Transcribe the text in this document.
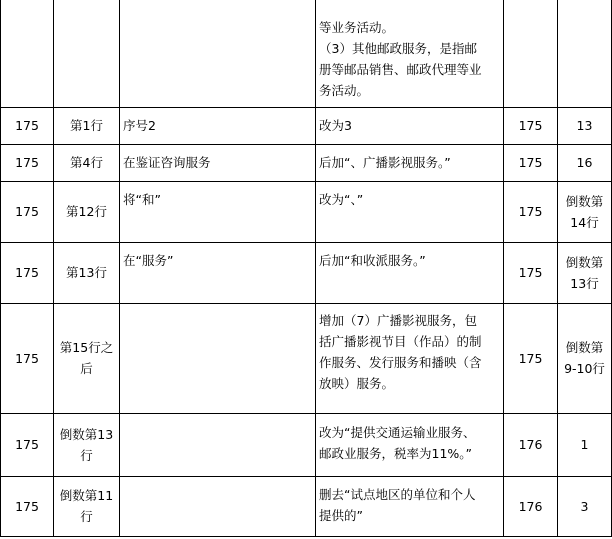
			等业务活动。
（3）其他邮政服务，是指邮
册等邮品销售、邮政代理等业
务活动。		

175	第1行	序号2	改为3	175	13

175	第4行	在鉴证咨询服务	后加“、广播影视服务。”	175	16

175	第12行	将“和”	改为“、”	175	倒数第
14行

175	第13行	在“服务”	后加“和收派服务。”	175	倒数第
13行

175	第15行之
后		增加（7）广播影视服务，包
括广播影视节目（作品）的制
作服务、发行服务和播映（含
放映）服务。	175	倒数第
9-10行

175	倒数第13
行		改为“提供交通运输业服务、
邮政业服务，税率为11%。”	176	1

175	倒数第11
行		删去“试点地区的单位和个人
提供的”	176	3
